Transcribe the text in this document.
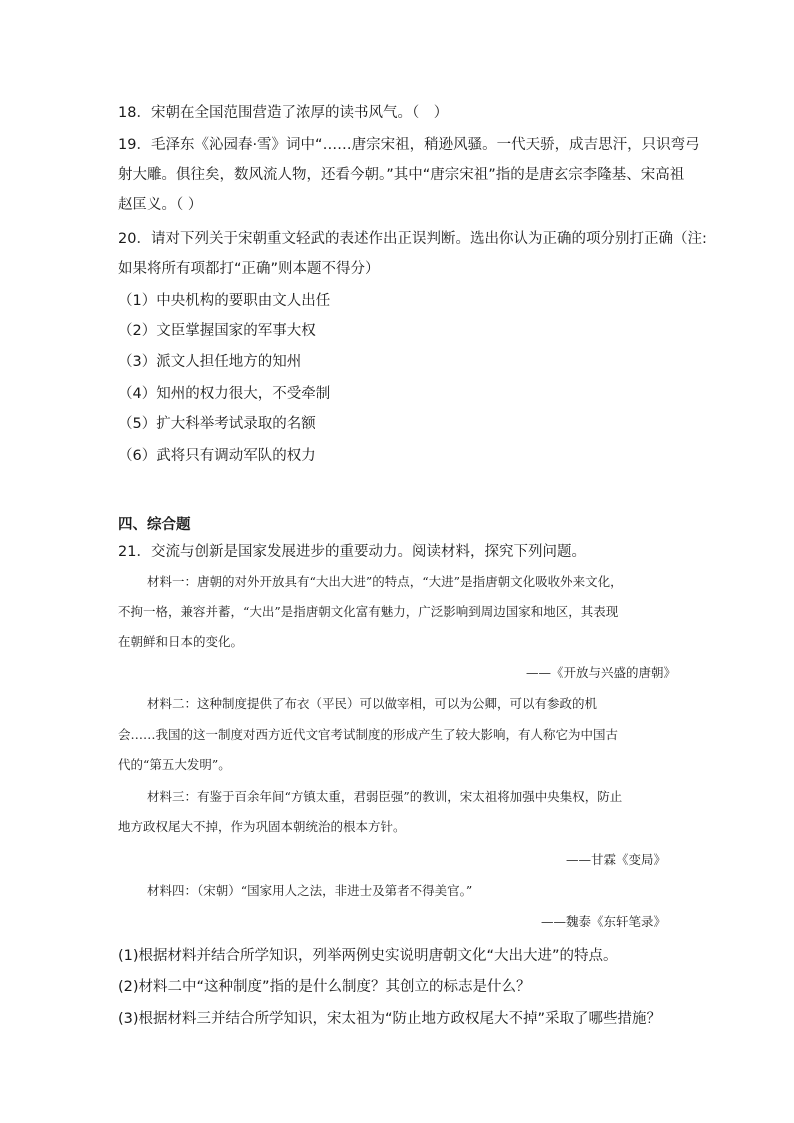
18．宋朝在全国范围营造了浓厚的读书风气。（　）
19．毛泽东《沁园春·雪》词中“……唐宗宋祖，稍逊风骚。一代天骄，成吉思汗，只识弯弓
射大雕。俱往矣，数风流人物，还看今朝。”其中“唐宗宋祖”指的是唐玄宗李隆基、宋高祖
赵匡义。（ ）
20．请对下列关于宋朝重文轻武的表述作出正误判断。选出你认为正确的项分别打正确（注:
如果将所有项都打“正确”则本题不得分）
（1）中央机构的要职由文人出任
（2）文臣掌握国家的军事大权
（3）派文人担任地方的知州
（4）知州的权力很大，不受牵制
（5）扩大科举考试录取的名额
（6）武将只有调动军队的权力
四、综合题
21．交流与创新是国家发展进步的重要动力。阅读材料，探究下列问题。
材料一：唐朝的对外开放具有“大出大进”的特点，“大进”是指唐朝文化吸收外来文化，
不拘一格，兼容并蓄，“大出”是指唐朝文化富有魅力，广泛影响到周边国家和地区，其表现
在朝鲜和日本的变化。
——《开放与兴盛的唐朝》
材料二：这种制度提供了布衣（平民）可以做宰相，可以为公卿，可以有参政的机
会……我国的这一制度对西方近代文官考试制度的形成产生了较大影响，有人称它为中国古
代的“第五大发明”。
材料三：有鉴于百余年间“方镇太重，君弱臣强”的教训，宋太祖将加强中央集权，防止
地方政权尾大不掉，作为巩固本朝统治的根本方针。
——甘霖《变局》
材料四：（宋朝）“国家用人之法，非进士及第者不得美官。”
——魏泰《东轩笔录》
(1)根据材料并结合所学知识，列举两例史实说明唐朝文化“大出大进”的特点。
(2)材料二中“这种制度”指的是什么制度？其创立的标志是什么？
(3)根据材料三并结合所学知识，宋太祖为“防止地方政权尾大不掉”采取了哪些措施？
